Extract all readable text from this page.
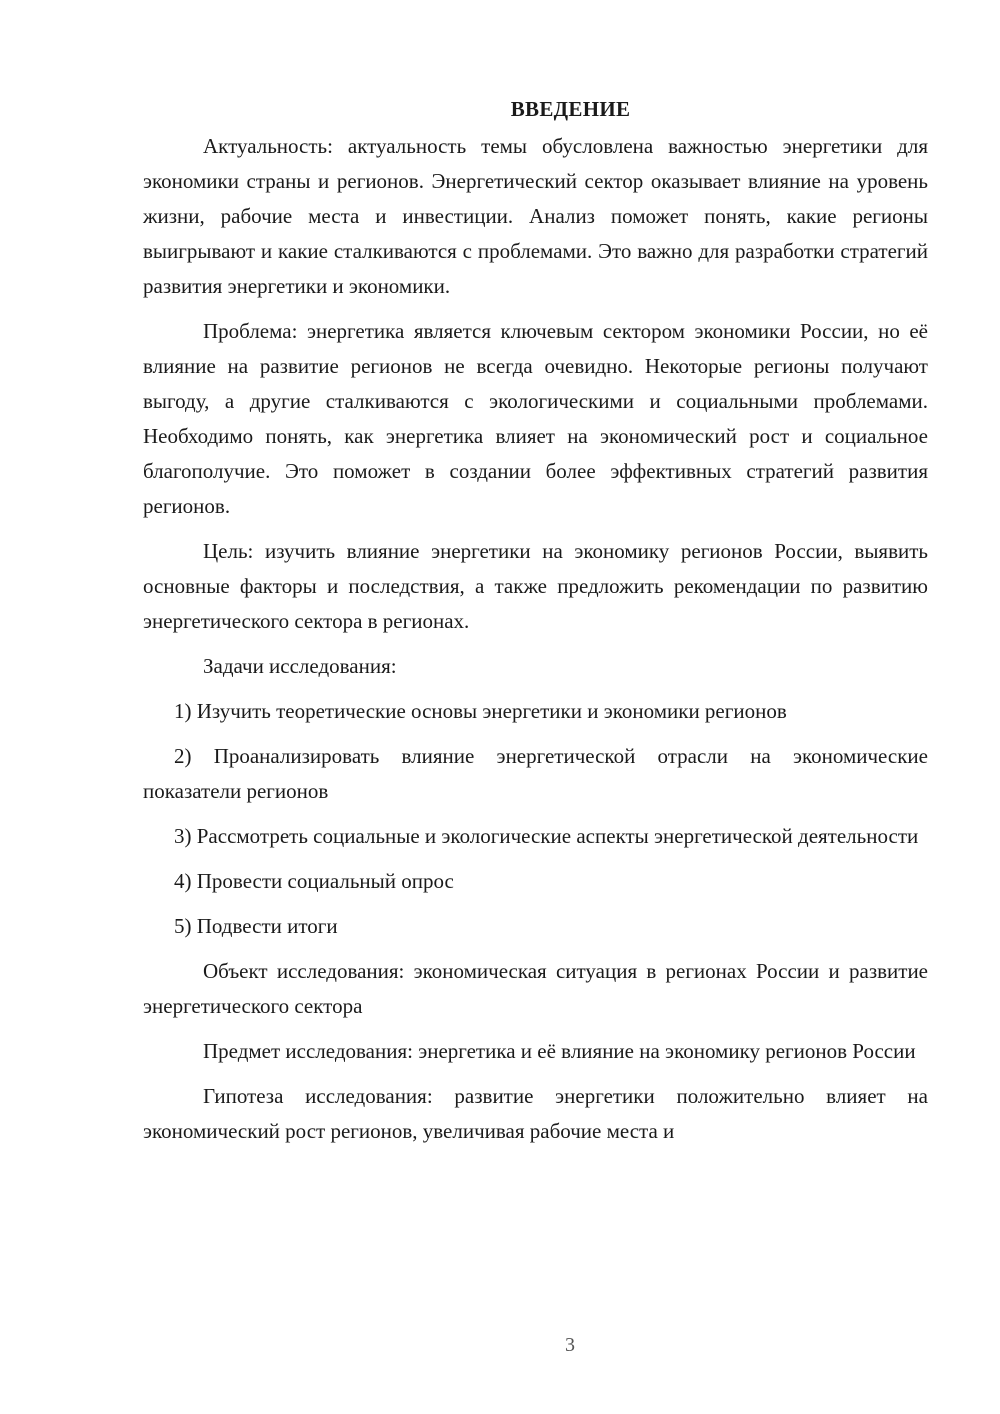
ВВЕДЕНИЕ

Актуальность: актуальность темы обусловлена важностью энергетики для экономики страны и регионов. Энергетический сектор оказывает влияние на уровень жизни, рабочие места и инвестиции. Анализ поможет понять, какие регионы выигрывают и какие сталкиваются с проблемами. Это важно для разработки стратегий развития энергетики и экономики.

Проблема: энергетика является ключевым сектором экономики России, но её влияние на развитие регионов не всегда очевидно. Некоторые регионы получают выгоду, а другие сталкиваются с экологическими и социальными проблемами. Необходимо понять, как энергетика влияет на экономический рост и социальное благополучие. Это поможет в создании более эффективных стратегий развития регионов.

Цель: изучить влияние энергетики на экономику регионов России, выявить основные факторы и последствия, а также предложить рекомендации по развитию энергетического сектора в регионах.

Задачи исследования:

1) Изучить теоретические основы энергетики и экономики регионов

2) Проанализировать влияние энергетической отрасли на экономические показатели регионов

3) Рассмотреть социальные и экологические аспекты энергетической деятельности

4) Провести социальный опрос

5) Подвести итоги

Объект исследования: экономическая ситуация в регионах России и развитие энергетического сектора

Предмет исследования: энергетика и её влияние на экономику регионов России

Гипотеза исследования: развитие энергетики положительно влияет на экономический рост регионов, увеличивая рабочие места и

3
